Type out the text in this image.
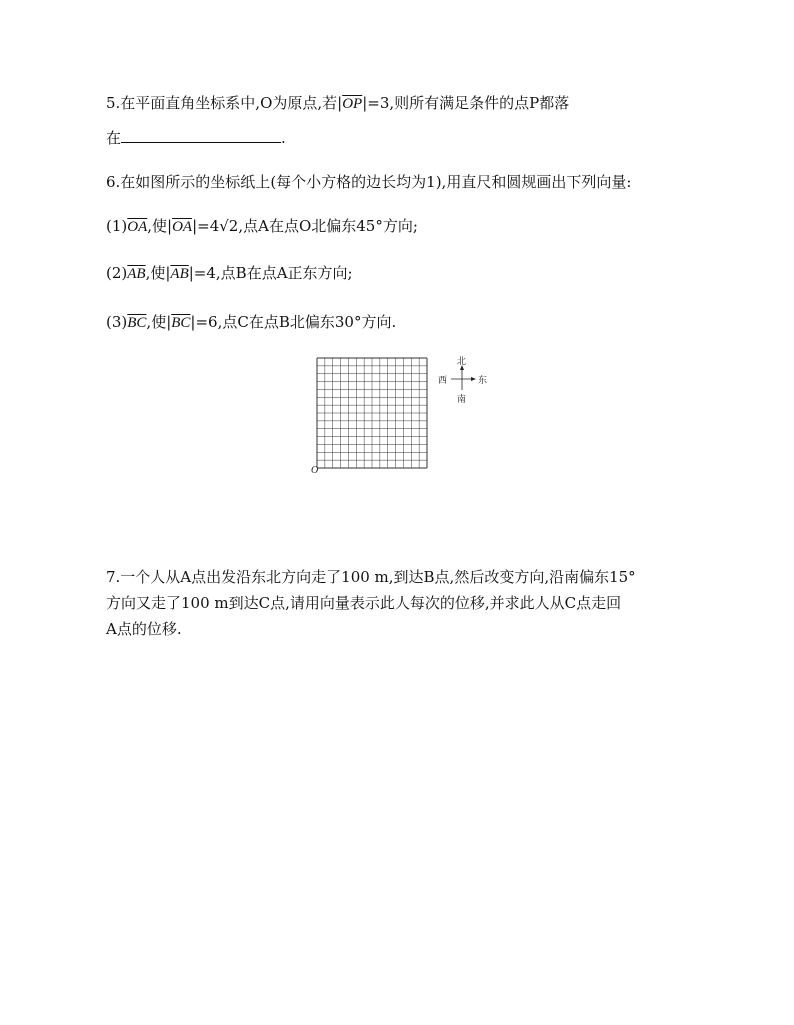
5.在平面直角坐标系中,O为原点,若$|\overline{OP}|=3$,则所有满足条件的点P都落
在	.
6.在如图所示的坐标纸上(每个小方格的边长均为1),用直尺和圆规画出下列向量:
$(1)\overline{OA}$,使$|\overline{OA}|=4√2$,点A在点O北偏东45°方向;
$(2)\overline{AB}$,使$|\overline{AB}|=4$,点B在点A正东方向;
$(3)\overline{BC}$,使$|\overline{BC}|=6$,点C在点B北偏东30°方向.
O
北
南
西	东
7.一个人从A点出发沿东北方向走了100 m,到达B点,然后改变方向,沿南偏东15°
方向又走了100 m到达C点,请用向量表示此人每次的位移,并求此人从C点走回
A点的位移.
